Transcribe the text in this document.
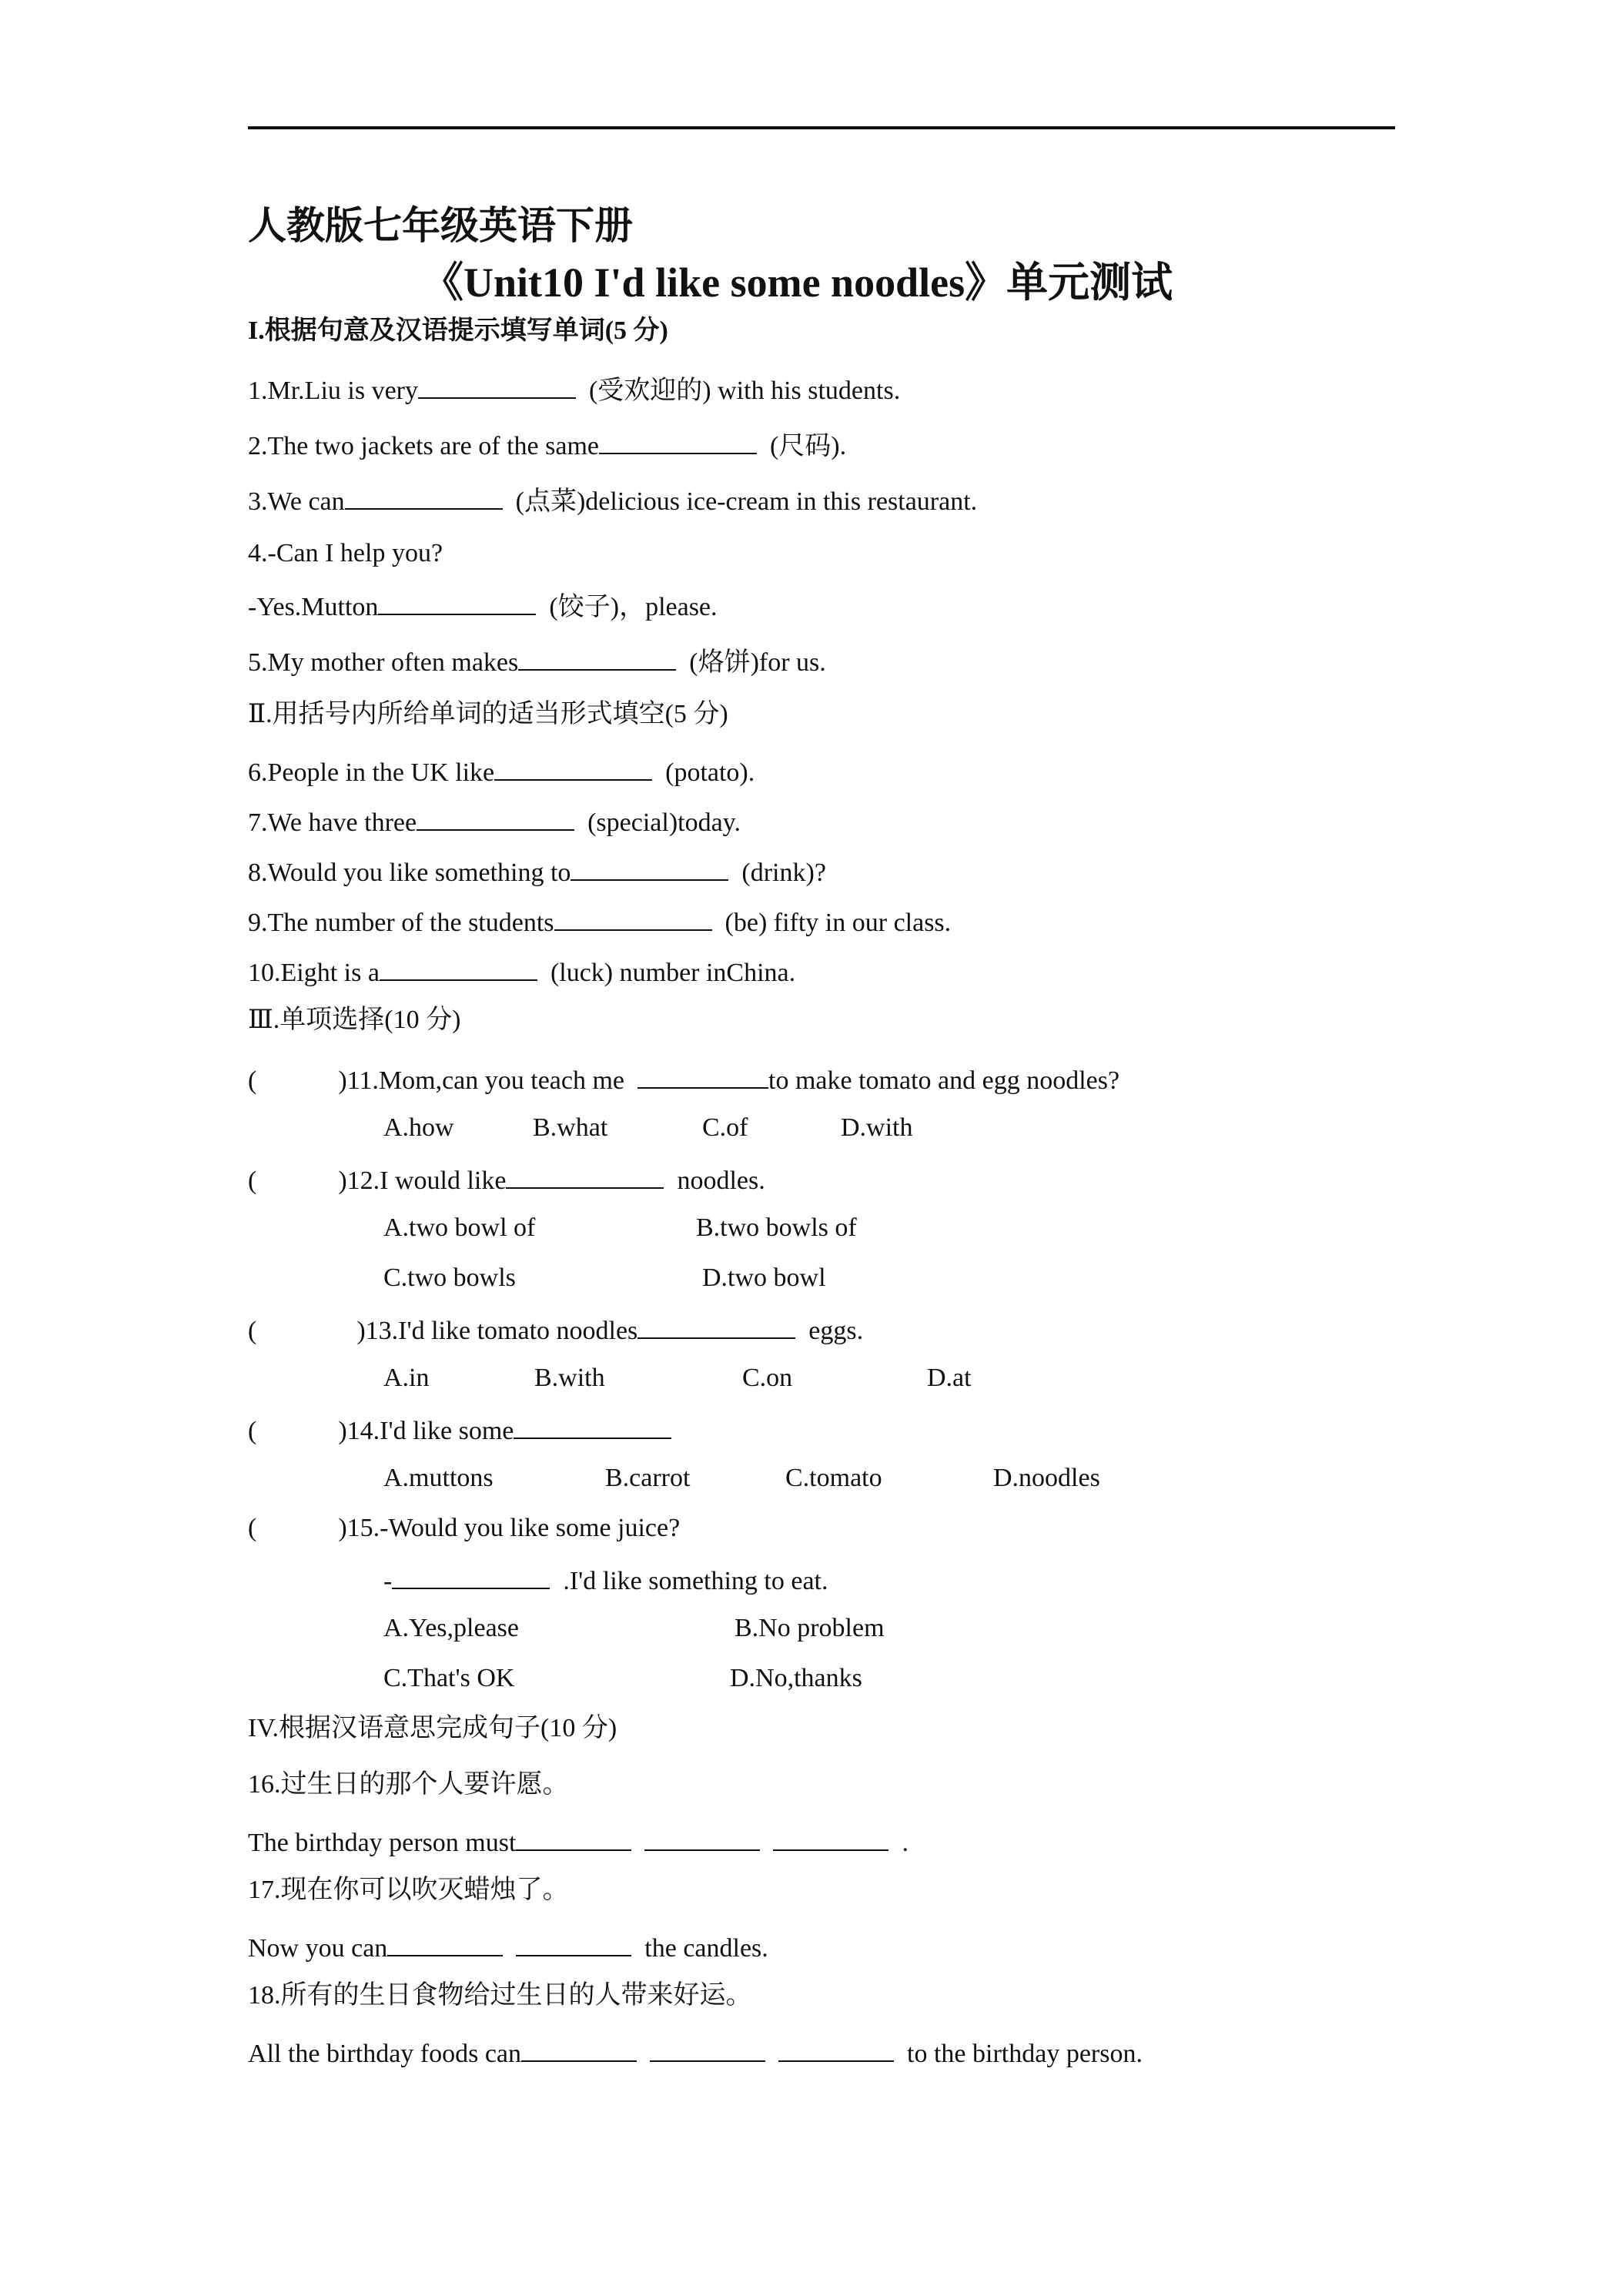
人教版七年级英语下册
《Unit10 I'd like some noodles》单元测试
I.根据句意及汉语提示填写单词(5 分)
1.Mr.Liu is very	(受欢迎的) with his students.
2.The two jackets are of the same	(尺码).
3.We can	(点菜)delicious ice-cream in this restaurant.
4.-Can I help you?
-Yes.Mutton	(饺子)，please.
5.My mother often makes	(烙饼)for us.
Ⅱ.用括号内所给单词的适当形式填空(5 分)
6.People in the UK like	(potato).
7.We have three	(special)today.
8.Would you like something to	(drink)?
9.The number of the students	(be) fifty in our class.
10.Eight is a	(luck) number inChina.
Ⅲ.单项选择(10 分)
(	)11.Mom,can you teach me	to make tomato and egg noodles?
A.how	B.what	C.of	D.with
(	)12.I would like	noodles.
A.two bowl of	B.two bowls of
C.two bowls	D.two bowl
(	)13.I'd like tomato noodles	eggs.
A.in	B.with	C.on	D.at
(	)14.I'd like some
A.muttons	B.carrot	C.tomato	D.noodles
(	)15.-Would you like some juice?
-	.I'd like something to eat.
A.Yes,please	B.No problem
C.That's OK	D.No,thanks
IV.根据汉语意思完成句子(10 分)
16.过生日的那个人要许愿。
The birthday person must	.
17.现在你可以吹灭蜡烛了。
Now you can	the candles.
18.所有的生日食物给过生日的人带来好运。
All the birthday foods can	to the birthday person.
